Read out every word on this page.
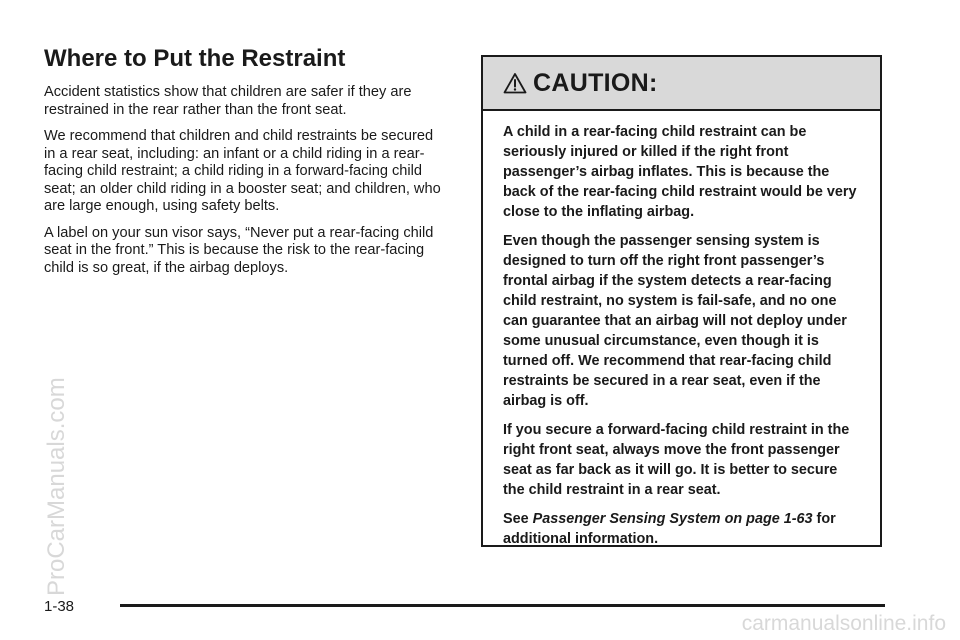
Where to Put the Restraint

Accident statistics show that children are safer if they are restrained in the rear rather than the front seat.

We recommend that children and child restraints be secured in a rear seat, including: an infant or a child riding in a rear-facing child restraint; a child riding in a forward-facing child seat; an older child riding in a booster seat; and children, who are large enough, using safety belts.

A label on your sun visor says, “Never put a rear-facing child seat in the front.” This is because the risk to the rear-facing child is so great, if the airbag deploys.

CAUTION:

A child in a rear-facing child restraint can be seriously injured or killed if the right front passenger’s airbag inflates. This is because the back of the rear-facing child restraint would be very close to the inflating airbag.

Even though the passenger sensing system is designed to turn off the right front passenger’s frontal airbag if the system detects a rear-facing child restraint, no system is fail-safe, and no one can guarantee that an airbag will not deploy under some unusual circumstance, even though it is turned off. We recommend that rear-facing child restraints be secured in a rear seat, even if the airbag is off.

If you secure a forward-facing child restraint in the right front seat, always move the front passenger seat as far back as it will go. It is better to secure the child restraint in a rear seat.

See Passenger Sensing System on page 1-63 for additional information.

1-38
ProCarManuals.com
carmanualsonline.info
